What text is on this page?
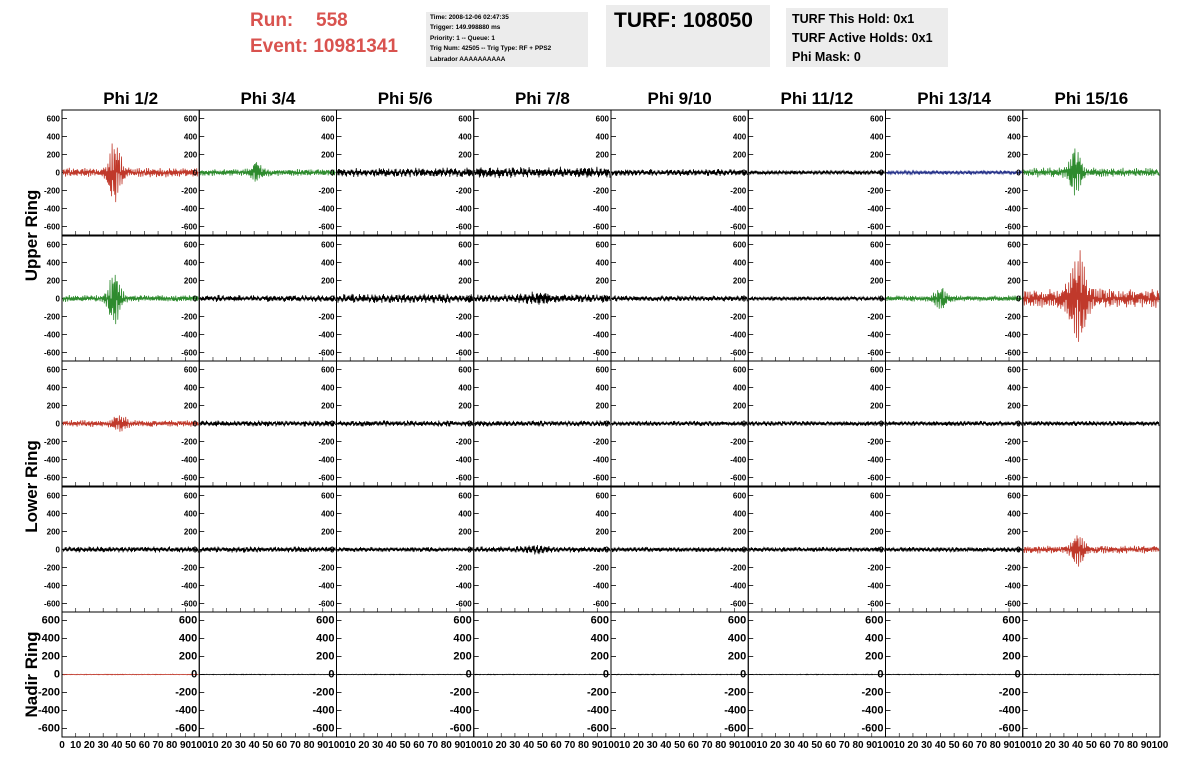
Run: 558
Event: 10981341
Time: 2008-12-06 02:47:35
Trigger: 149.998880 ms
Priority: 1 -- Queue: 1
Trig Num: 42505 -- Trig Type: RF + PPS2
Labrador AAAAAAAAAA
TURF: 108050	TURF This Hold: 0x1
TURF Active Holds: 0x1
Phi Mask: 0
Phi 1/2	Phi 3/4	Phi 5/6	Phi 7/8	Phi 9/10	Phi 11/12	Phi 13/14	Phi 15/16
Upper Ring
Lower Ring
Nadir Ring
600
400
200
0
-200
-400
-600
600
400
200
0
-200
-400
-600
600
400
200
0
-200
-400
-600
600
400
200
0
-200
-400
-600
600
400
200
0
-200
-400
-600
600
400
200
0
-200
-400
-600
600
400
200
0
-200
-400
-600
600
400
200
0
-200
-400
-600
600
400
200
0
-200
-400
-600
600
400
200
0
-200
-400
-600
600
400
200
0
-200
-400
-600
600
400
200
0
-200
-400
-600
600
400
200
0
-200
-400
-600
600
400
200
0
-200
-400
-600
600
400
200
0
-200
-400
-600
600
400
200
0
-200
-400
-600
600
400
200
0
-200
-400
-600
600
400
200
0
-200
-400
-600
600
400
200
0
-200
-400
-600
600
400
200
0
-200
-400
-600
600
400
200
0
-200
-400
-600
600
400
200
0
-200
-400
-600
600
400
200
0
-200
-400
-600
600
400
200
0
-200
-400
-600
600
400
200
0
-200
-400
-600
600
400
200
0
-200
-400
-600
600
400
200
0
-200
-400
-600
600
400
200
0
-200
-400
-600
600
400
200
0
-200
-400
-600
600
400
200
0
-200
-400
-600
600
400
200
0
-200
-400
-600
600
400
200
0
-200
-400
-600
600
400
200
0
-200
-400
-600
600
400
200
0
-200
-400
-600
600
400
200
0
-200
-400
-600
600
400
200
0
-200
-400
-600
600
400
200
0
-200
-400
-600
600
400
200
0
-200
-400
-600
600
400
200
0
-200
-400
-600
600
400
200
0
-200
-400
-600
0 10 20 30 40 50 60 70 80 90 100 10 20 30 40 50 60 70 80 90 100 10 20 30 40 50 60 70 80 90 100 10 20 30 40 50 60 70 80 90 100 10 20 30 40 50 60 70 80 90 100 10 20 30 40 50 60 70 80 90 100 10 20 30 40 50 60 70 80 90 100 10 20 30 40 50 60 70 80 90 100
